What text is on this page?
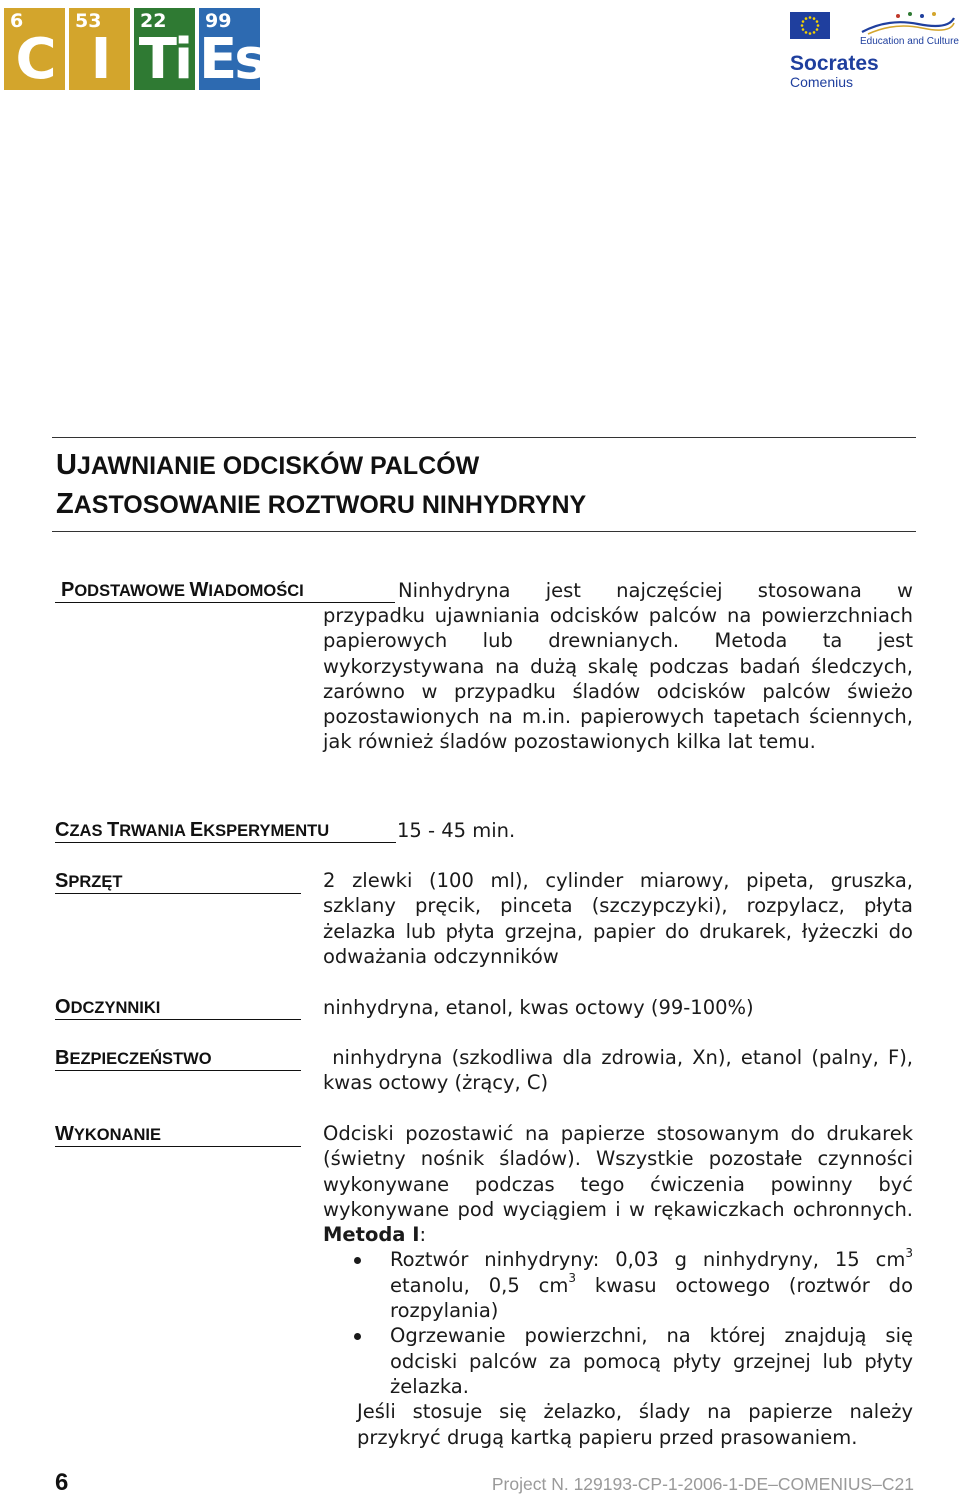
6
C
53
I
22
Ti
99
Es	Education and Culture
Socrates
Comenius
UJAWNIANIE ODCISKÓW PALCÓW
ZASTOSOWANIE ROZTWORU NINHYDRYNY
PODSTAWOWE WIADOMOŚCI	Ninhydryna jest najczęściej stosowana w
przypadku ujawniania odcisków palców na powierzchniach papierowych lub drewnianych. Metoda ta jest wykorzystywana na dużą skalę podczas badań śledczych, zarówno w przypadku śladów odcisków palców świeżo pozostawionych na m.in. papierowych tapetach ściennych, jak również śladów pozostawionych kilka lat temu.
CZAS TRWANIA EKSPERYMENTU	15 - 45 min.
SPRZĘT	2 zlewki (100 ml), cylinder miarowy, pipeta, gruszka, szklany pręcik, pinceta (szczypczyki), rozpylacz, płyta żelazka lub płyta grzejna, papier do drukarek, łyżeczki do odważania odczynników
ODCZYNNIKI	ninhydryna, etanol, kwas octowy (99-100%)
BEZPIECZEŃSTWO	ninhydryna (szkodliwa dla zdrowia, Xn), etanol (palny, F), kwas octowy (żrący, C)
WYKONANIE	Odciski pozostawić na papierze stosowanym do drukarek (świetny nośnik śladów). Wszystkie pozostałe czynności wykonywane podczas tego ćwiczenia powinny być wykonywane pod wyciągiem i w rękawiczkach ochronnych. Metoda I:
Roztwór ninhydryny: 0,03 g ninhydryny, 15 $cm^3$ etanolu, 0,5 $cm^3$ kwasu octowego (roztwór do rozpylania)
Ogrzewanie powierzchni, na której znajdują się odciski palców za pomocą płyty grzejnej lub płyty żelazka.
Jeśli stosuje się żelazko, ślady na papierze należy przykryć drugą kartką papieru przed prasowaniem.
6	Project N. 129193-CP-1-2006-1-DE–COMENIUS–C21
